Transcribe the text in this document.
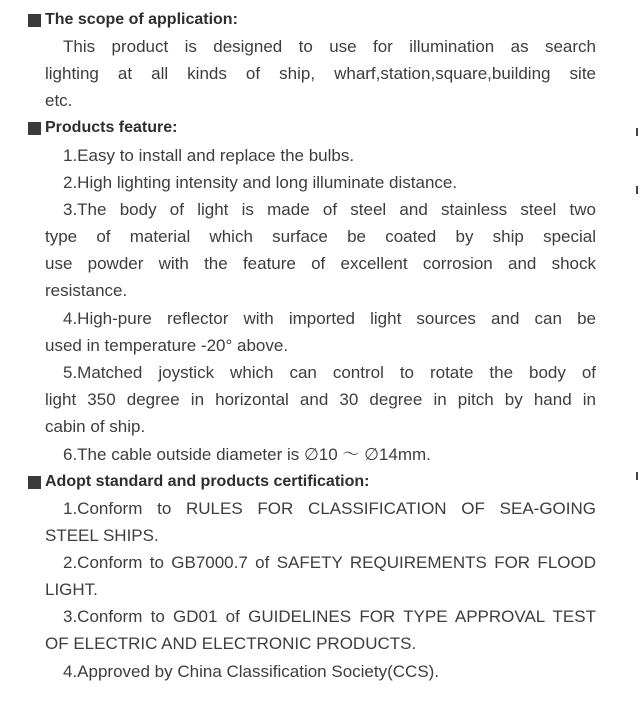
The scope of application:
This product is designed to use for illumination as search
lighting at all kinds of ship, wharf,station,square,building site
etc.
Products feature:
1.Easy to install and replace the bulbs.
2.High lighting intensity and long illuminate distance.
3.The body of light is made of steel and stainless steel two
type of material which surface be coated by ship special
use powder with the feature of excellent corrosion and shock
resistance.
4.High-pure reflector with imported light sources and can be
used in temperature -20° above.
5.Matched joystick which can control to rotate the body of
light 350 degree in horizontal and 30 degree in pitch by hand in
cabin of ship.
6.The cable outside diameter is ∅10 ～ ∅14mm.
Adopt standard and products certification:
1.Conform to RULES FOR CLASSIFICATION OF SEA-GOING
STEEL SHIPS.
2.Conform to GB7000.7 of SAFETY REQUIREMENTS FOR FLOOD
LIGHT.
3.Conform to GD01 of GUIDELINES FOR TYPE APPROVAL TEST
OF ELECTRIC AND ELECTRONIC PRODUCTS.
4.Approved by China Classification Society(CCS).
